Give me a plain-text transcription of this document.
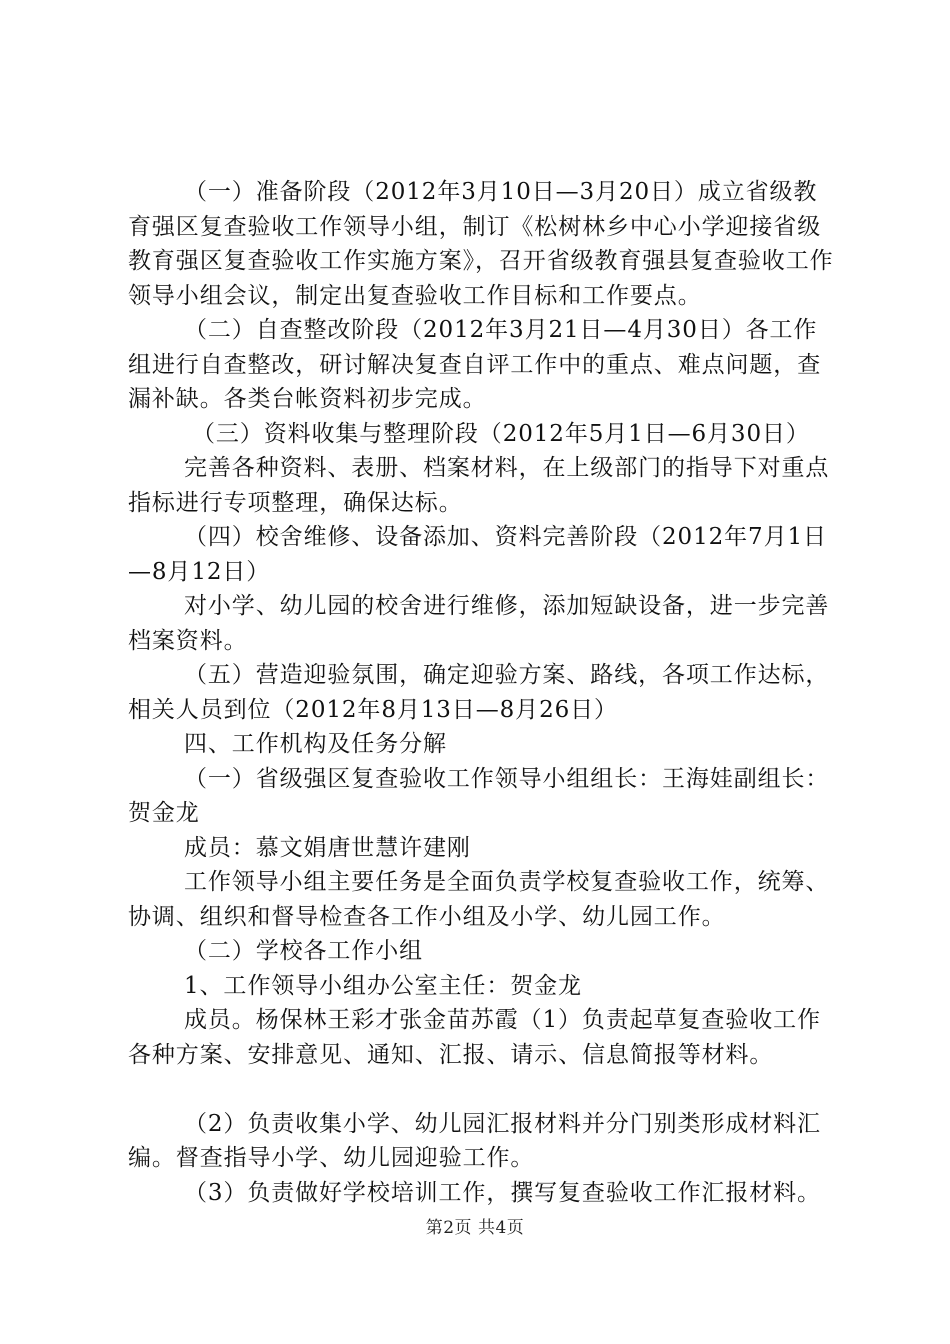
（一）准备阶段（2012年3月10日—3月20日）成立省级教育强区复查验收工作领导小组，制订《松树林乡中心小学迎接省级教育强区复查验收工作实施方案》，召开省级教育强县复查验收工作领导小组会议，制定出复查验收工作目标和工作要点。

（二）自查整改阶段（2012年3月21日—4月30日）各工作组进行自查整改，研讨解决复查自评工作中的重点、难点问题，查漏补缺。各类台帐资料初步完成。

（三）资料收集与整理阶段（2012年5月1日—6月30日）

完善各种资料、表册、档案材料，在上级部门的指导下对重点指标进行专项整理，确保达标。

（四）校舍维修、设备添加、资料完善阶段（2012年7月1日—8月12日）

对小学、幼儿园的校舍进行维修，添加短缺设备，进一步完善档案资料。

（五）营造迎验氛围，确定迎验方案、路线，各项工作达标，相关人员到位（2012年8月13日—8月26日）

四、工作机构及任务分解

（一）省级强区复查验收工作领导小组组长：王海娃副组长：贺金龙

成员：慕文娟唐世慧许建刚

工作领导小组主要任务是全面负责学校复查验收工作，统筹、协调、组织和督导检查各工作小组及小学、幼儿园工作。

（二）学校各工作小组

1、工作领导小组办公室主任：贺金龙

成员。杨保林王彩才张金苗苏霞（1）负责起草复查验收工作各种方案、安排意见、通知、汇报、请示、信息简报等材料。

（2）负责收集小学、幼儿园汇报材料并分门别类形成材料汇编。督查指导小学、幼儿园迎验工作。

（3）负责做好学校培训工作，撰写复查验收工作汇报材料。

第2页 共4页
